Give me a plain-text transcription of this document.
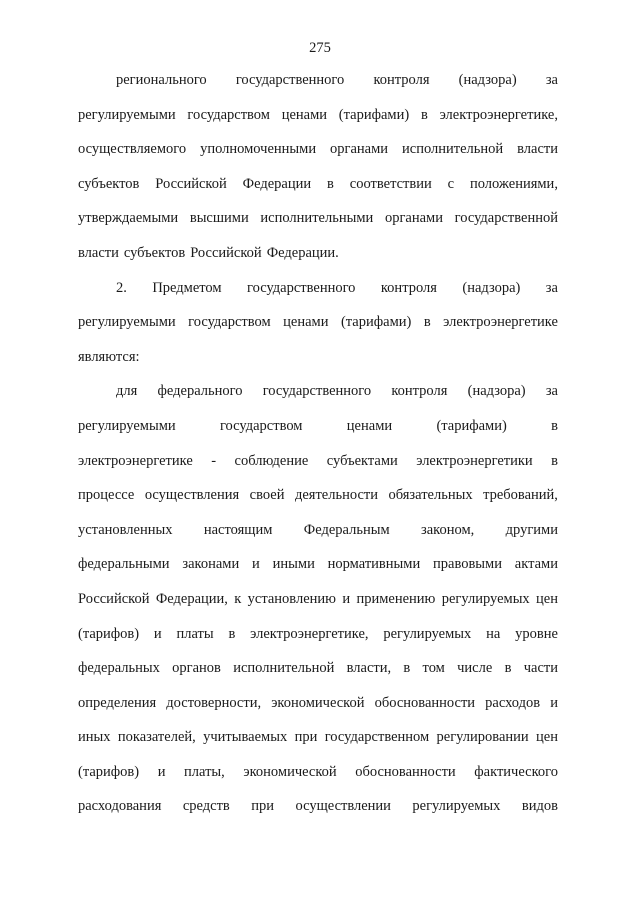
275
регионального государственного контроля (надзора) за
регулируемыми государством ценами (тарифами) в электроэнергетике,
осуществляемого уполномоченными органами исполнительной власти
субъектов Российской Федерации в соответствии с положениями,
утверждаемыми высшими исполнительными органами государственной
власти субъектов Российской Федерации.
2. Предметом государственного контроля (надзора) за
регулируемыми государством ценами (тарифами) в электроэнергетике
являются:
для федерального государственного контроля (надзора) за
регулируемыми	государством	ценами	(тарифами)	в
электроэнергетике - соблюдение субъектами электроэнергетики в
процессе осуществления своей деятельности обязательных требований,
установленных настоящим Федеральным законом, другими
федеральными законами и иными нормативными правовыми актами
Российской Федерации, к установлению и применению регулируемых цен
(тарифов) и платы в электроэнергетике, регулируемых на уровне
федеральных органов исполнительной власти, в том числе в части
определения достоверности, экономической обоснованности расходов и
иных показателей, учитываемых при государственном регулировании цен
(тарифов) и платы, экономической обоснованности фактического
расходования средств при осуществлении регулируемых видов
